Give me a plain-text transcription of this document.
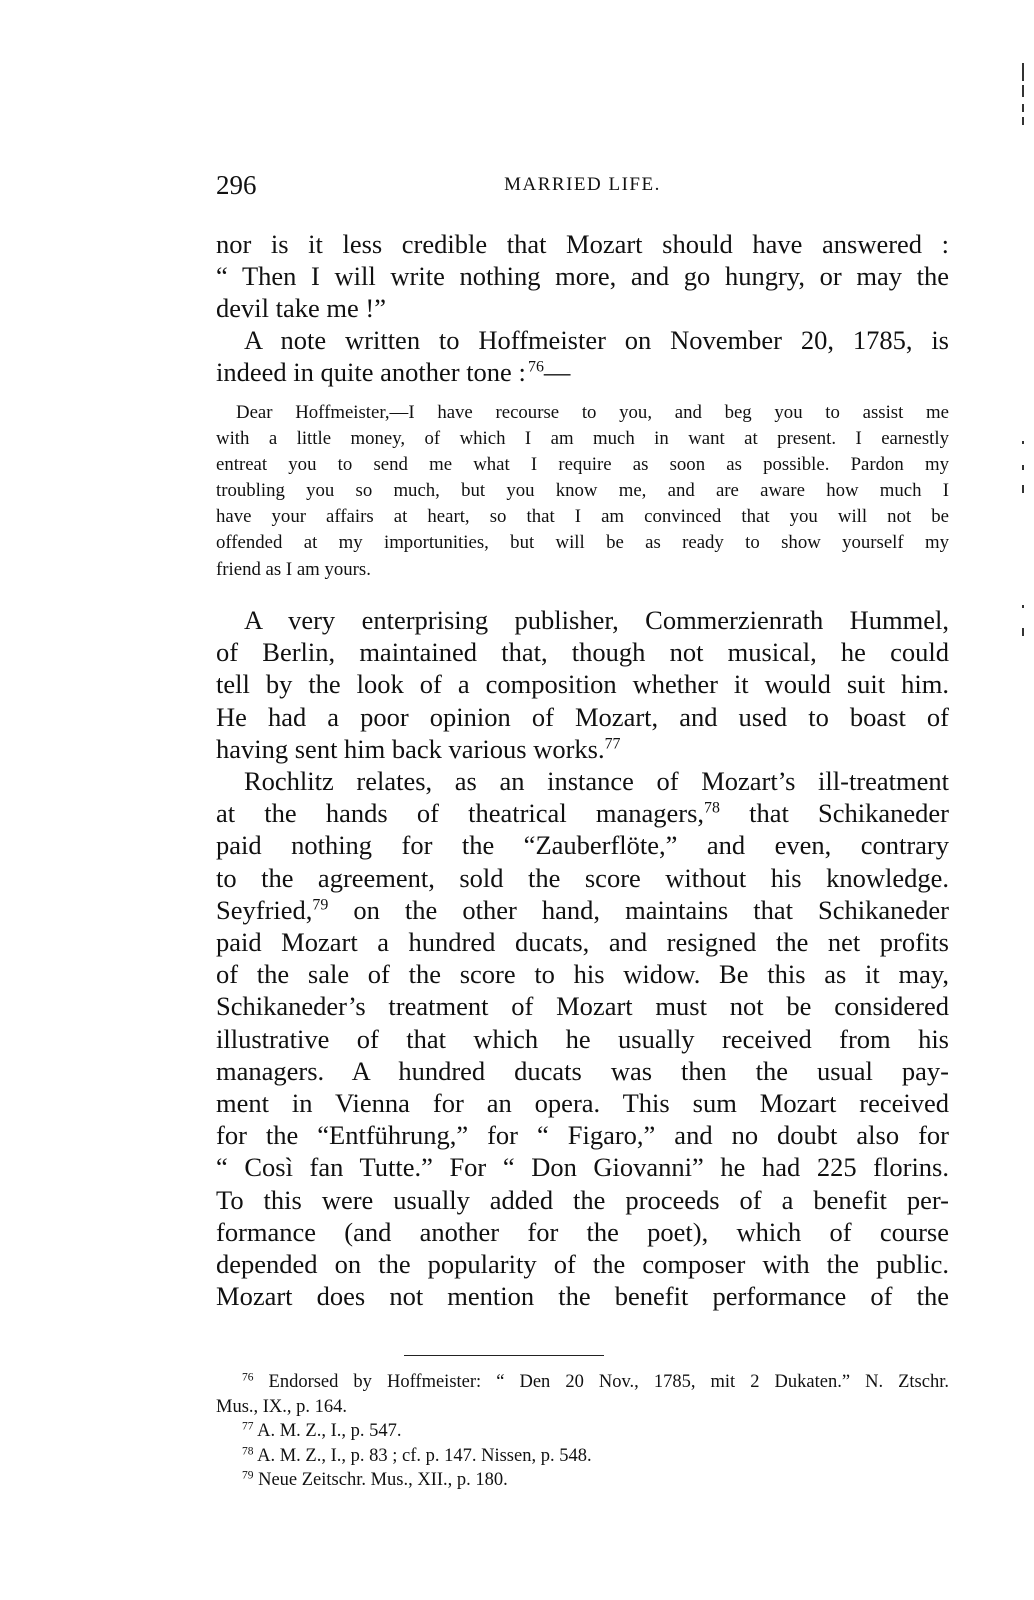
296	MARRIED LIFE.
nor is it less credible that Mozart should have answered :
“ Then I will write nothing more, and go hungry, or may the
devil take me !”
A note written to Hoffmeister on November 20, 1785, is
indeed in quite another tone :  $^{76}$—
Dear Hoffmeister,—I have recourse to you, and beg you to assist me
with a little money, of which I am much in want at present. I earnestly
entreat you to send me what I require as soon as possible. Pardon my
troubling you so much, but you know me, and are aware how much I
have your affairs at heart, so that I am convinced that you will not be
offended at my importunities, but will be as ready to show yourself my
friend as I am yours.
A very enterprising publisher, Commerzienrath Hummel,
of Berlin, maintained that, though not musical, he could
tell by the look of a composition whether it would suit him.
He had a poor opinion of Mozart, and used to boast of
having sent him back various works.$^{77}$
Rochlitz relates, as an instance of Mozart’s ill-treatment
at the hands of theatrical managers,$^{78}$ that Schikaneder
paid nothing for the “Zauberflöte,” and even, contrary
to the agreement, sold the score without his knowledge.
Seyfried,$^{79}$ on the other hand, maintains that Schikaneder
paid Mozart a hundred ducats, and resigned the net profits
of the sale of the score to his widow. Be this as it may,
Schikaneder’s treatment of Mozart must not be considered
illustrative of that which he usually received from his
managers. A hundred ducats was then the usual pay-
ment in Vienna for an opera. This sum Mozart received
for the “Entführung,” for “ Figaro,” and no doubt also for
“ Così fan Tutte.” For “ Don Giovanni” he had 225 florins.
To this were usually added the proceeds of a benefit per-
formance (and another for the poet), which of course
depended on the popularity of the composer with the public.
Mozart does not mention the benefit performance of the
$^{76}$ Endorsed by Hoffmeister: “ Den 20 Nov., 1785, mit 2 Dukaten.” N. Ztschr.
Mus., IX., p. 164.
$^{77}$ A. M. Z., I., p. 547.
$^{78}$ A. M. Z., I., p. 83 ; cf. p. 147. Nissen, p. 548.
$^{79}$ Neue Zeitschr. Mus., XII., p. 180.
